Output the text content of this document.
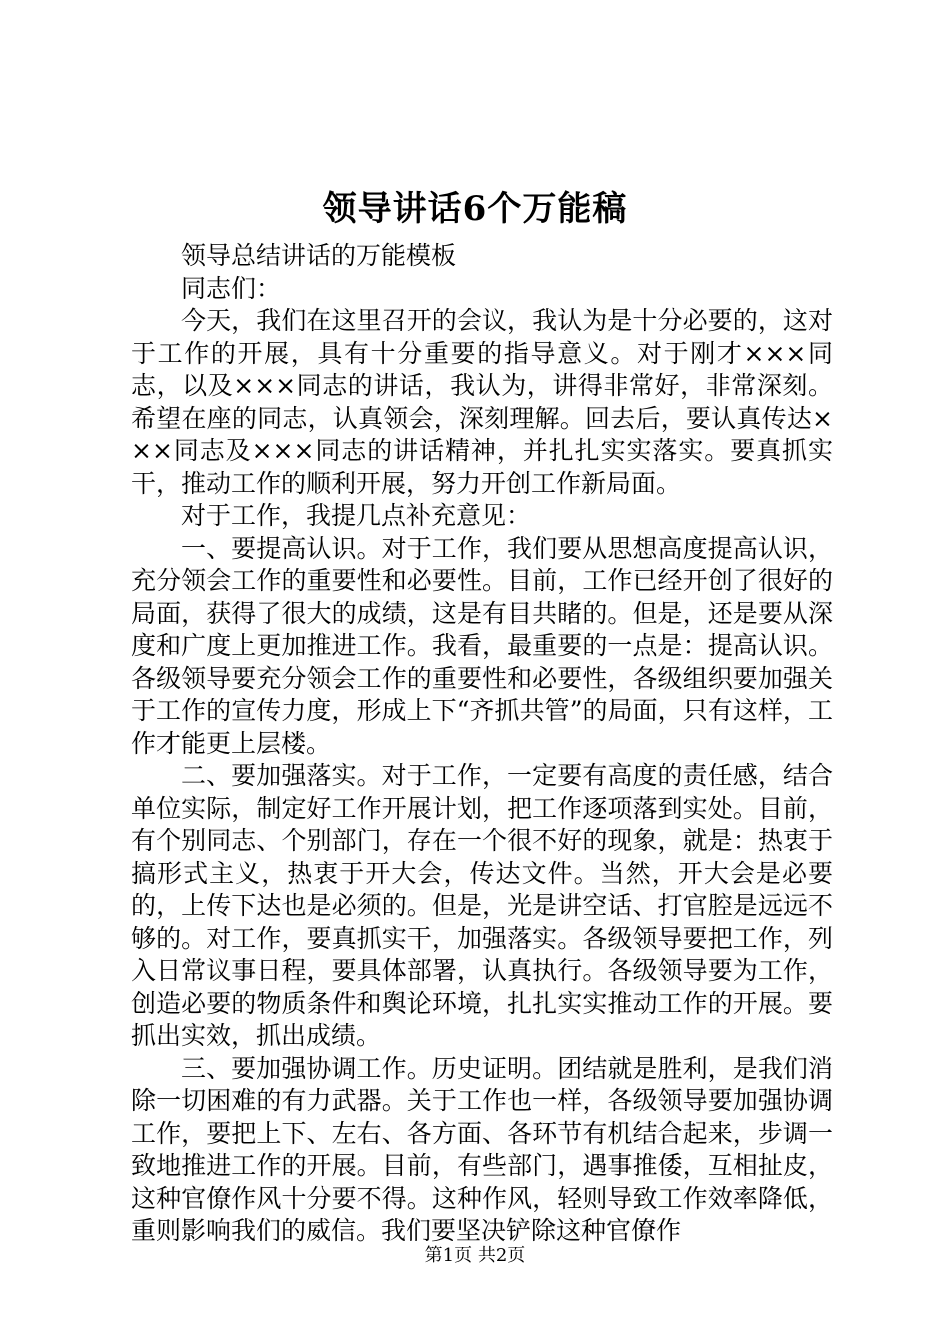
领导讲话6个万能稿

领导总结讲话的万能模板

同志们：

今天，我们在这里召开的会议，我认为是十分必要的，这对于工作的开展，具有十分重要的指导意义。对于刚才×××同志，以及×××同志的讲话，我认为，讲得非常好，非常深刻。希望在座的同志，认真领会，深刻理解。回去后，要认真传达×××同志及×××同志的讲话精神，并扎扎实实落实。要真抓实干，推动工作的顺利开展，努力开创工作新局面。

对于工作，我提几点补充意见：

一、要提高认识。对于工作，我们要从思想高度提高认识，充分领会工作的重要性和必要性。目前，工作已经开创了很好的局面，获得了很大的成绩，这是有目共睹的。但是，还是要从深度和广度上更加推进工作。我看，最重要的一点是：提高认识。各级领导要充分领会工作的重要性和必要性，各级组织要加强关于工作的宣传力度，形成上下“齐抓共管”的局面，只有这样，工作才能更上层楼。

二、要加强落实。对于工作，一定要有高度的责任感，结合单位实际，制定好工作开展计划，把工作逐项落到实处。目前，有个别同志、个别部门，存在一个很不好的现象，就是：热衷于搞形式主义，热衷于开大会，传达文件。当然，开大会是必要的，上传下达也是必须的。但是，光是讲空话、打官腔是远远不够的。对工作，要真抓实干，加强落实。各级领导要把工作，列入日常议事日程，要具体部署，认真执行。各级领导要为工作，创造必要的物质条件和舆论环境，扎扎实实推动工作的开展。要抓出实效，抓出成绩。

三、要加强协调工作。历史证明。团结就是胜利，是我们消除一切困难的有力武器。关于工作也一样，各级领导要加强协调工作，要把上下、左右、各方面、各环节有机结合起来，步调一致地推进工作的开展。目前，有些部门，遇事推倭，互相扯皮，这种官僚作风十分要不得。这种作风，轻则导致工作效率降低，重则影响我们的威信。我们要坚决铲除这种官僚作

第1页 共2页
